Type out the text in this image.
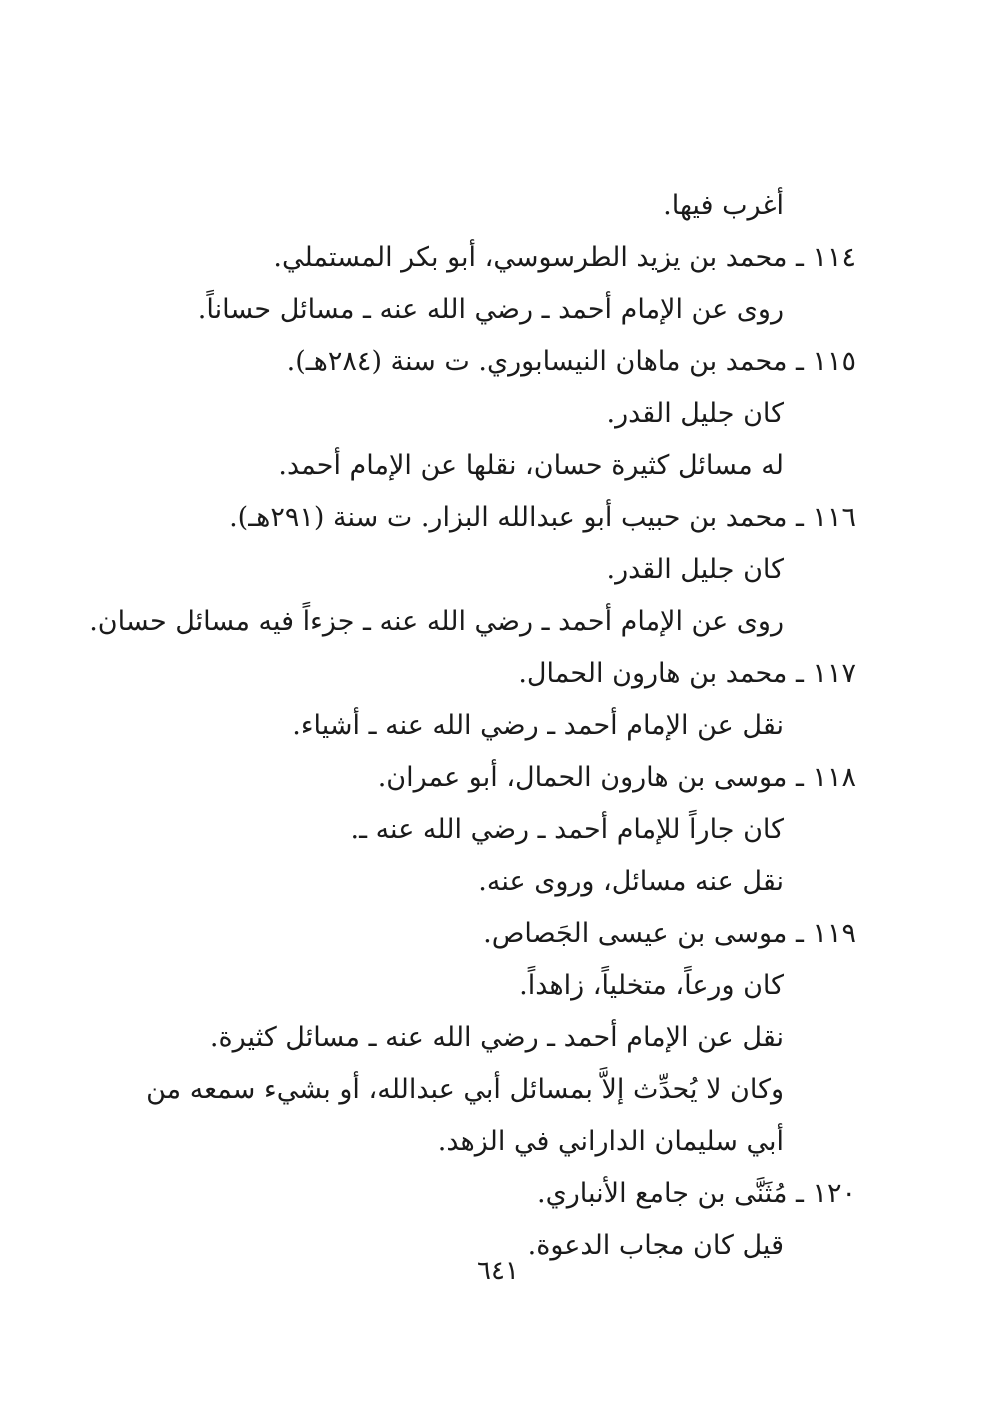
أغرب فيها.
١١٤ ـ محمد بن يزيد الطرسوسي، أبو بكر المستملي.
روى عن الإمام أحمد ـ رضي الله عنه ـ مسائل حساناً.
١١٥ ـ محمد بن ماهان النيسابوري. ت سنة (٢٨٤هـ).
كان جليل القدر.
له مسائل كثيرة حسان، نقلها عن الإمام أحمد.
١١٦ ـ محمد بن حبيب أبو عبدالله البزار. ت سنة (٢٩١هـ).
كان جليل القدر.
روى عن الإمام أحمد ـ رضي الله عنه ـ جزءاً فيه مسائل حسان.
١١٧ ـ محمد بن هارون الحمال.
نقل عن الإمام أحمد ـ رضي الله عنه ـ أشياء.
١١٨ ـ موسى بن هارون الحمال، أبو عمران.
كان جاراً للإمام أحمد ـ رضي الله عنه ـ.
نقل عنه مسائل، وروى عنه.
١١٩ ـ موسى بن عيسى الجَصاص.
كان ورعاً، متخلياً، زاهداً.
نقل عن الإمام أحمد ـ رضي الله عنه ـ مسائل كثيرة.
وكان لا يُحدِّث إلاَّ بمسائل أبي عبدالله، أو بشيء سمعه من
أبي سليمان الداراني في الزهد.
١٢٠ ـ مُثَنَّى بن جامع الأنباري.
قيل كان مجاب الدعوة.
٦٤١
